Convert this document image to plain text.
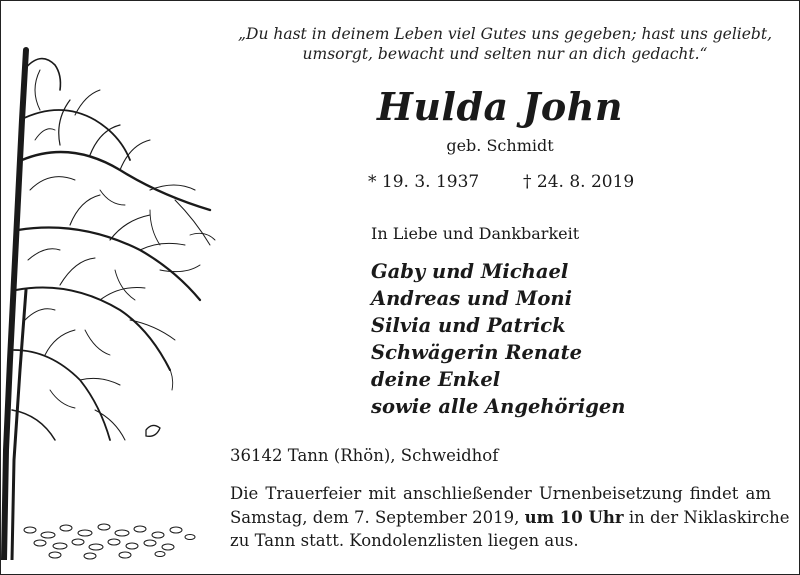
„Du hast in deinem Leben viel Gutes uns gegeben; hast uns geliebt,
umsorgt, bewacht und selten nur an dich gedacht.“
Hulda John
geb. Schmidt
* 19. 3. 1937	† 24. 8. 2019
In Liebe und Dankbarkeit
Gaby und Michael
Andreas und Moni
Silvia und Patrick
Schwägerin Renate
deine Enkel
sowie alle Angehörigen
36142 Tann (Rhön), Schweidhof
Die Trauerfeier mit anschließender Urnenbeisetzung findet am
Samstag, dem 7. September 2019, um 10 Uhr in der Niklaskirche
zu Tann statt. Kondolenzlisten liegen aus.
